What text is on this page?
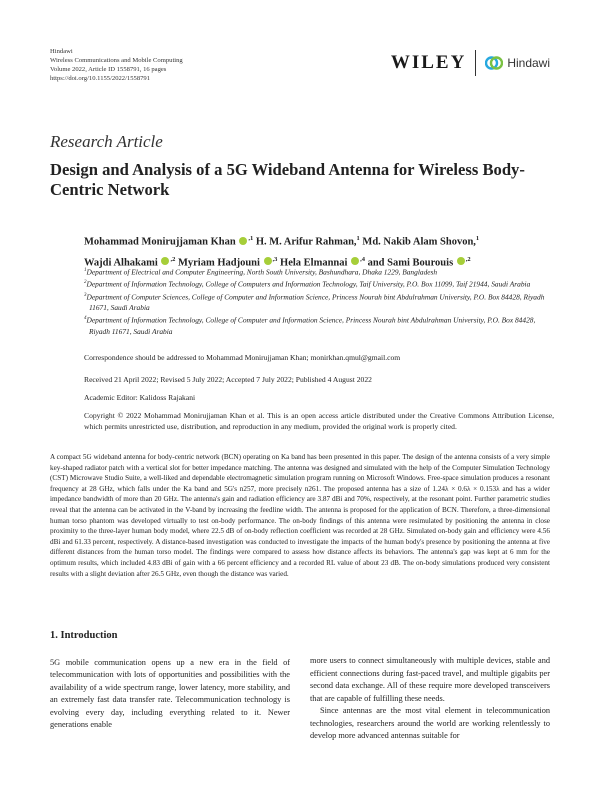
Hindawi
Wireless Communications and Mobile Computing
Volume 2022, Article ID 1558791, 16 pages
https://doi.org/10.1155/2022/1558791
WILEY	Hindawi
Research Article
Design and Analysis of a 5G Wideband Antenna for Wireless Body-Centric Network
Mohammad Monirujjaman Khan $^{,1}$ H. M. Arifur Rahman,$^1$ Md. Nakib Alam Shovon,$^1$
Wajdi Alhakami $^{,2}$ Myriam Hadjouni $^{,3}$ Hela Elmannai $^{,4}$ and Sami Bourouis $^{,2}$
$^1$Department of Electrical and Computer Engineering, North South University, Bashundhara, Dhaka 1229, Bangladesh
$^2$Department of Information Technology, College of Computers and Information Technology, Taif University, P.O. Box 11099, Taif 21944, Saudi Arabia
$^3$Department of Computer Sciences, College of Computer and Information Science, Princess Nourah bint Abdulrahman University, P.O. Box 84428, Riyadh 11671, Saudi Arabia
$^4$Department of Information Technology, College of Computer and Information Science, Princess Nourah bint Abdulrahman University, P.O. Box 84428, Riyadh 11671, Saudi Arabia
Correspondence should be addressed to Mohammad Monirujjaman Khan; monirkhan.qmul@gmail.com
Received 21 April 2022; Revised 5 July 2022; Accepted 7 July 2022; Published 4 August 2022
Academic Editor: Kalidoss Rajakani
Copyright © 2022 Mohammad Monirujjaman Khan et al. This is an open access article distributed under the Creative Commons Attribution License, which permits unrestricted use, distribution, and reproduction in any medium, provided the original work is properly cited.
A compact 5G wideband antenna for body-centric network (BCN) operating on Ka band has been presented in this paper. The design of the antenna consists of a very simple key-shaped radiator patch with a vertical slot for better impedance matching. The antenna was designed and simulated with the help of the Computer Simulation Technology (CST) Microwave Studio Suite, a well-liked and dependable electromagnetic simulation program running on Microsoft Windows. Free-space simulation produces a resonant frequency at 28 GHz, which falls under the Ka band and 5G's n257, more precisely n261. The proposed antenna has a size of 1.24λ × 0.6λ × 0.153λ and has a wider impedance bandwidth of more than 20 GHz. The antenna's gain and radiation efficiency are 3.87 dBi and 70%, respectively, at the resonant point. Further parametric studies reveal that the antenna can be activated in the V-band by increasing the feedline width. The antenna is proposed for the application of BCN. Therefore, a three-dimensional human torso phantom was developed virtually to test on-body performance. The on-body findings of this antenna were resimulated by positioning the antenna in close proximity to the three-layer human body model, where 22.5 dB of on-body reflection coefficient was recorded at 28 GHz. Simulated on-body gain and efficiency were 4.56 dBi and 61.33 percent, respectively. A distance-based investigation was conducted to investigate the impacts of the human body's presence by positioning the antenna at five different distances from the human torso model. The findings were compared to assess how distance affects its behaviors. The antenna's gap was kept at 6 mm for the optimum results, which included 4.83 dBi of gain with a 66 percent efficiency and a recorded RL value of about 23 dB. The on-body simulations produced very consistent results with a slight deviation after 26.5 GHz, even though the distance was varied.
1. Introduction

5G mobile communication opens up a new era in the field of telecommunication with lots of opportunities and possibilities with the availability of a wide spectrum range, lower latency, more stability, and an extremely fast data transfer rate. Telecommunication technology is evolving every day, including everything related to it. Newer generations enable

more users to connect simultaneously with multiple devices, stable and efficient connections during fast-paced travel, and multiple gigabits per second data exchange. All of these require more developed transceivers that are capable of fulfilling these needs.

Since antennas are the most vital element in telecommunication technologies, researchers around the world are working relentlessly to develop more advanced antennas suitable for
